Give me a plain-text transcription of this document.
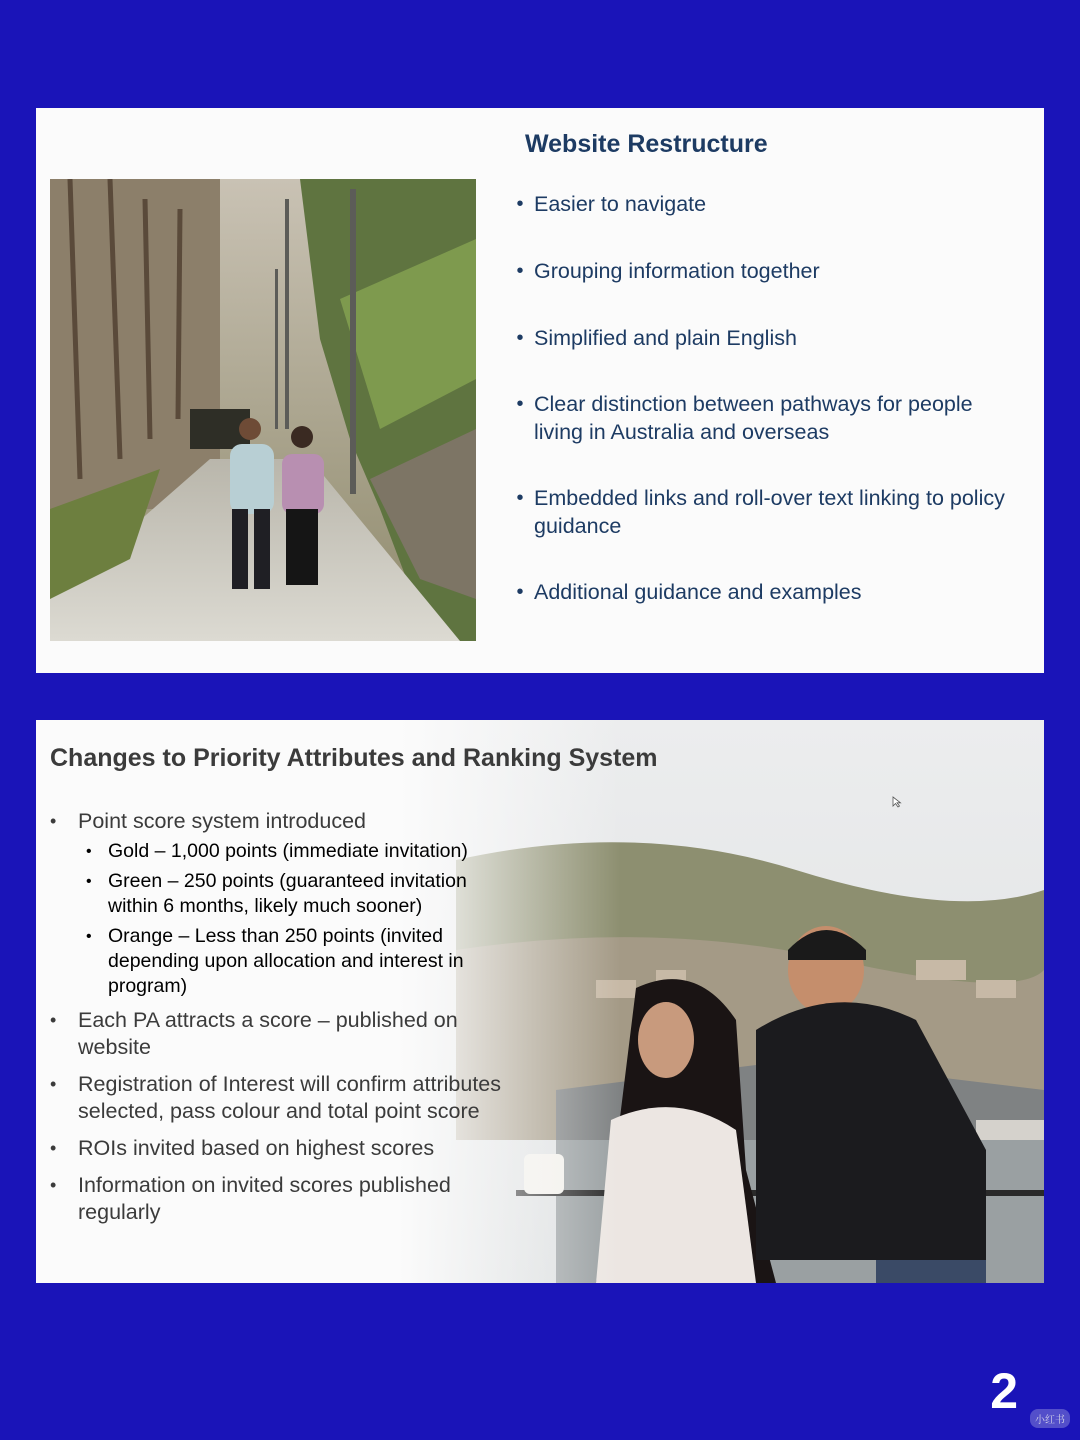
Website Restructure
• Easier to navigate
• Grouping information together
• Simplified and plain English
• Clear distinction between pathways for people living in Australia and overseas
• Embedded links and roll-over text linking to policy guidance
• Additional guidance and examples
Changes to Priority Attributes and Ranking System
•	Point score system introduced
• Gold – 1,000 points (immediate invitation)
• Green – 250 points (guaranteed invitation within 6 months, likely much sooner)
• Orange – Less than 250 points (invited depending upon allocation and interest in program)
•	Each PA attracts a score – published on website
•	Registration of Interest will confirm attributes selected, pass colour and total point score
•	ROIs invited based on highest scores
•	Information on invited scores published regularly
2
小红书
